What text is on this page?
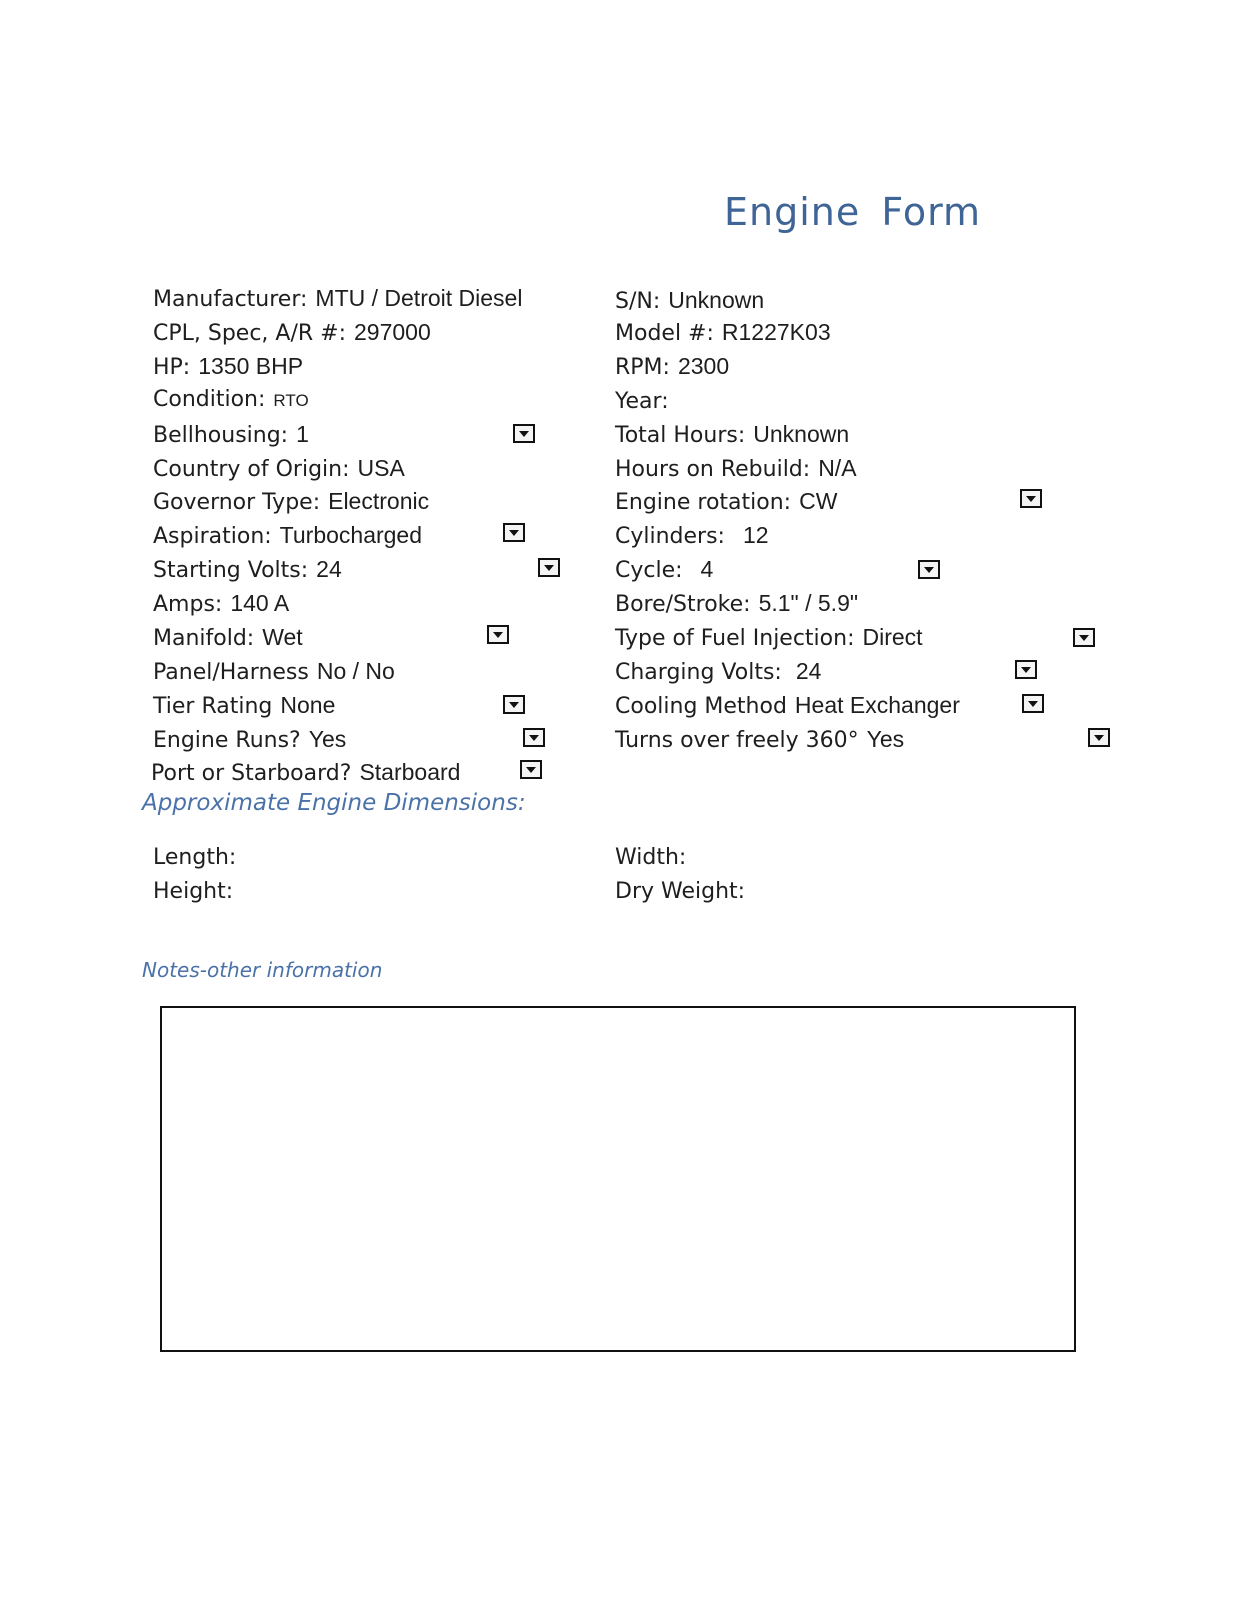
Engine Form
Manufacturer: MTU / Detroit Diesel
CPL, Spec, A/R #: 297000
HP: 1350 BHP
Condition: RTO
Bellhousing: 1
Country of Origin: USA
Governor Type: Electronic
Aspiration: Turbocharged
Starting Volts: 24
Amps: 140 A
Manifold: Wet
Panel/Harness No / No
Tier Rating None
Engine Runs? Yes
Port or Starboard? Starboard
S/N: Unknown
Model #: R1227K03
RPM: 2300
Year:
Total Hours: Unknown
Hours on Rebuild: N/A
Engine rotation: CW
Cylinders: 12
Cycle: 4
Bore/Stroke: 5.1" / 5.9"
Type of Fuel Injection: Direct
Charging Volts: 24
Cooling Method Heat Exchanger
Turns over freely 360° Yes
Approximate Engine Dimensions:
Length:
Height:
Width:
Dry Weight:
Notes-other information
